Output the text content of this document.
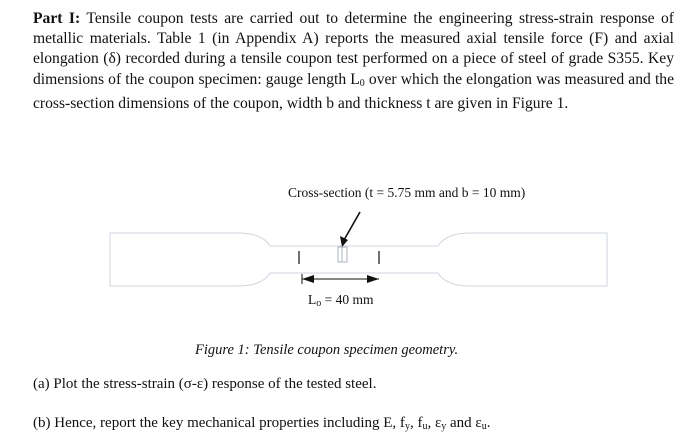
Part I: Tensile coupon tests are carried out to determine the engineering stress-strain response of metallic materials. Table 1 (in Appendix A) reports the measured axial tensile force (F) and axial elongation (δ) recorded during a tensile coupon test performed on a piece of steel of grade S355. Key dimensions of the coupon specimen: gauge length $L_0$ over which the elongation was measured and the cross-section dimensions of the coupon, width b and thickness t are given in Figure 1.

Cross-section (t = 5.75 mm and b = 10 mm)
$L_o = 40$ mm
Figure 1: Tensile coupon specimen geometry.
(a) Plot the stress-strain (σ-ε) response of the tested steel.
(b) Hence, report the key mechanical properties including E, $f_y$, $f_u$, $\varepsilon_y$ and $\varepsilon_u$.
